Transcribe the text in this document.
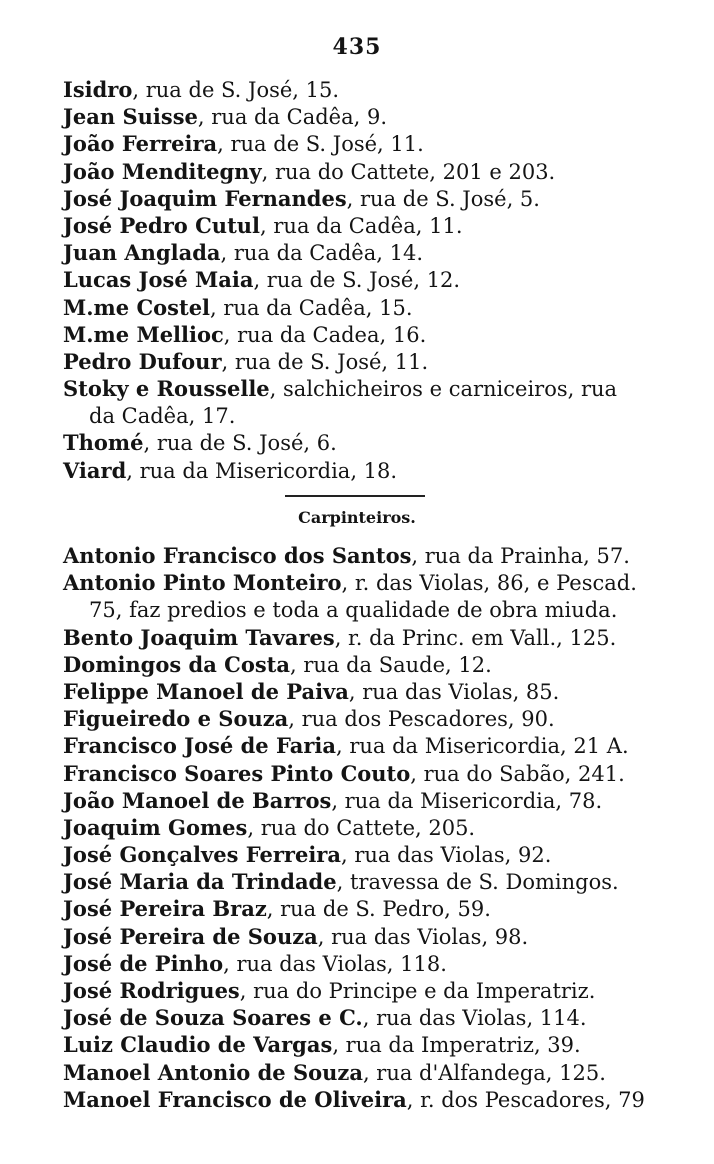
435
Isidro, rua de S. José, 15.
Jean Suisse, rua da Cadêa, 9.
João Ferreira, rua de S. José, 11.
João Menditegny, rua do Cattete, 201 e 203.
José Joaquim Fernandes, rua de S. José, 5.
José Pedro Cutul, rua da Cadêa, 11.
Juan Anglada, rua da Cadêa, 14.
Lucas José Maia, rua de S. José, 12.
M.me Costel, rua da Cadêa, 15.
M.me Mellioc, rua da Cadea, 16.
Pedro Dufour, rua de S. José, 11.
Stoky e Rousselle, salchicheiros e carniceiros, rua
da Cadêa, 17.
Thomé, rua de S. José, 6.
Viard, rua da Misericordia, 18.
Carpinteiros.
Antonio Francisco dos Santos, rua da Prainha, 57.
Antonio Pinto Monteiro, r. das Violas, 86, e Pescad.
75, faz predios e toda a qualidade de obra miuda.
Bento Joaquim Tavares, r. da Princ. em Vall., 125.
Domingos da Costa, rua da Saude, 12.
Felippe Manoel de Paiva, rua das Violas, 85.
Figueiredo e Souza, rua dos Pescadores, 90.
Francisco José de Faria, rua da Misericordia, 21 A.
Francisco Soares Pinto Couto, rua do Sabão, 241.
João Manoel de Barros, rua da Misericordia, 78.
Joaquim Gomes, rua do Cattete, 205.
José Gonçalves Ferreira, rua das Violas, 92.
José Maria da Trindade, travessa de S. Domingos.
José Pereira Braz, rua de S. Pedro, 59.
José Pereira de Souza, rua das Violas, 98.
José de Pinho, rua das Violas, 118.
José Rodrigues, rua do Principe e da Imperatriz.
José de Souza Soares e C., rua das Violas, 114.
Luiz Claudio de Vargas, rua da Imperatriz, 39.
Manoel Antonio de Souza, rua d'Alfandega, 125.
Manoel Francisco de Oliveira, r. dos Pescadores, 79
